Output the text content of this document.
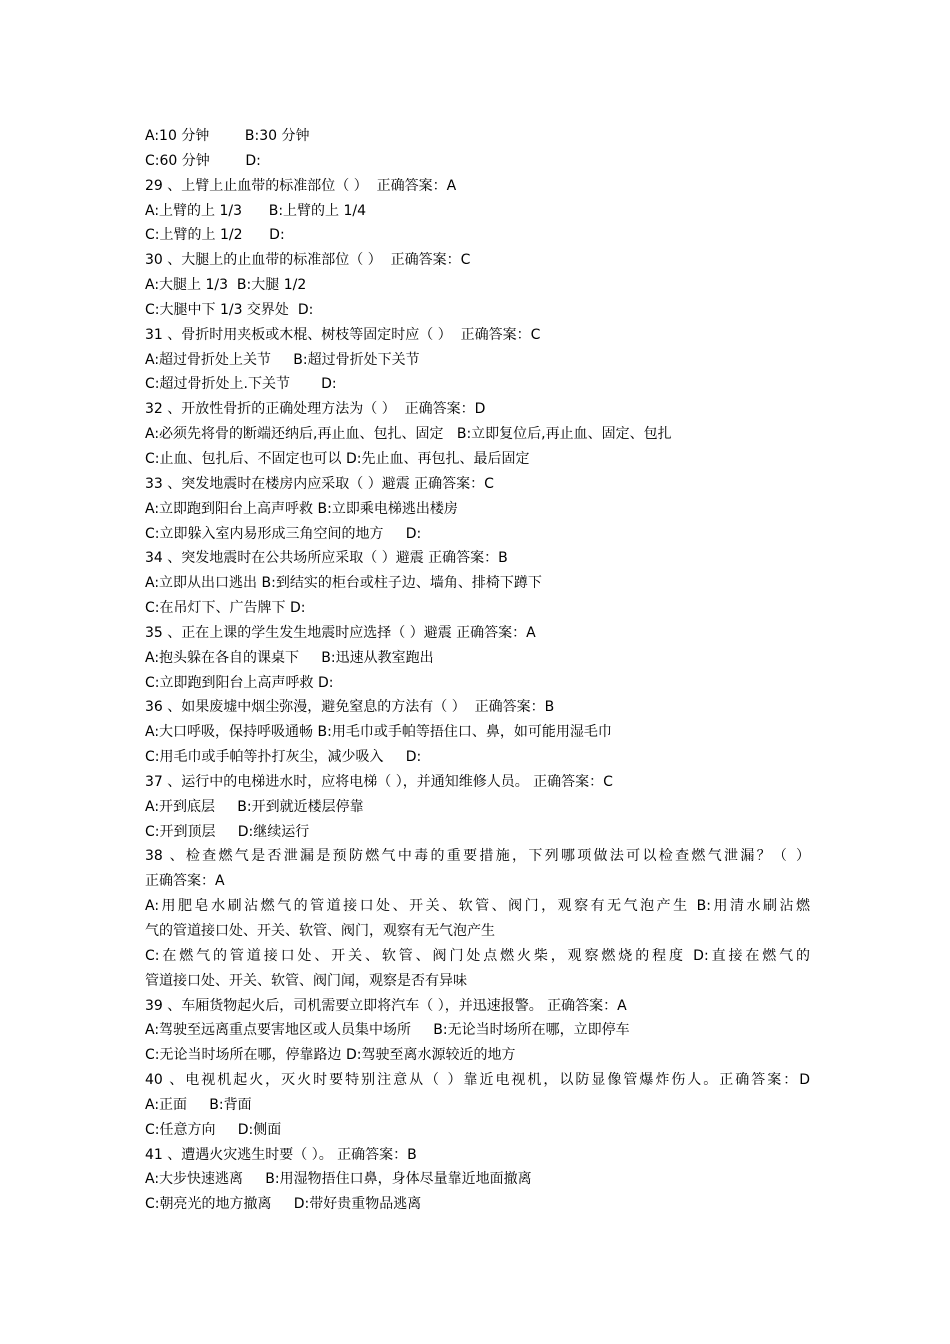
A:10 分钟        B:30 分钟
C:60 分钟        D:
29 、上臂上止血带的标准部位（ ）  正确答案：A
A:上臂的上 1/3      B:上臂的上 1/4
C:上臂的上 1/2      D:
30 、大腿上的止血带的标准部位（ ）  正确答案：C
A:大腿上 1/3  B:大腿 1/2
C:大腿中下 1/3 交界处  D:
31 、骨折时用夹板或木棍、树枝等固定时应（ ）  正确答案：C
A:超过骨折处上关节     B:超过骨折处下关节
C:超过骨折处上.下关节       D:
32 、开放性骨折的正确处理方法为（ ）  正确答案：D
A:必须先将骨的断端还纳后,再止血、包扎、固定   B:立即复位后,再止血、固定、包扎
C:止血、包扎后、不固定也可以 D:先止血、再包扎、最后固定
33 、突发地震时在楼房内应采取（ ）避震 正确答案：C
A:立即跑到阳台上高声呼救 B:立即乘电梯逃出楼房
C:立即躲入室内易形成三角空间的地方     D:
34 、突发地震时在公共场所应采取（ ）避震 正确答案：B
A:立即从出口逃出 B:到结实的柜台或柱子边、墙角、排椅下蹲下
C:在吊灯下、广告牌下 D:
35 、正在上课的学生发生地震时应选择（ ）避震 正确答案：A
A:抱头躲在各自的课桌下     B:迅速从教室跑出
C:立即跑到阳台上高声呼救 D:
36 、如果废墟中烟尘弥漫，避免窒息的方法有（ ）  正确答案：B
A:大口呼吸，保持呼吸通畅 B:用毛巾或手帕等捂住口、鼻，如可能用湿毛巾
C:用毛巾或手帕等扑打灰尘，减少吸入     D:
37 、运行中的电梯进水时，应将电梯（ ），并通知维修人员。 正确答案：C
A:开到底层     B:开到就近楼层停靠
C:开到顶层     D:继续运行
38 、检查燃气是否泄漏是预防燃气中毒的重要措施，下列哪项做法可以检查燃气泄漏？（ ）
正确答案：A
A:用肥皂水刷沾燃气的管道接口处、开关、软管、阀门，观察有无气泡产生 B:用清水刷沾燃
气的管道接口处、开关、软管、阀门，观察有无气泡产生
C:在燃气的管道接口处、开关、软管、阀门处点燃火柴，观察燃烧的程度 D:直接在燃气的
管道接口处、开关、软管、阀门闻，观察是否有异味
39 、车厢货物起火后，司机需要立即将汽车（ ），并迅速报警。 正确答案：A
A:驾驶至远离重点要害地区或人员集中场所     B:无论当时场所在哪，立即停车
C:无论当时场所在哪，停靠路边 D:驾驶至离水源较近的地方
40 、电视机起火，灭火时要特别注意从（ ）靠近电视机，以防显像管爆炸伤人。正确答案：D
A:正面     B:背面
C:任意方向     D:侧面
41 、遭遇火灾逃生时要（ ）。 正确答案：B
A:大步快速逃离     B:用湿物捂住口鼻，身体尽量靠近地面撤离
C:朝亮光的地方撤离     D:带好贵重物品逃离
